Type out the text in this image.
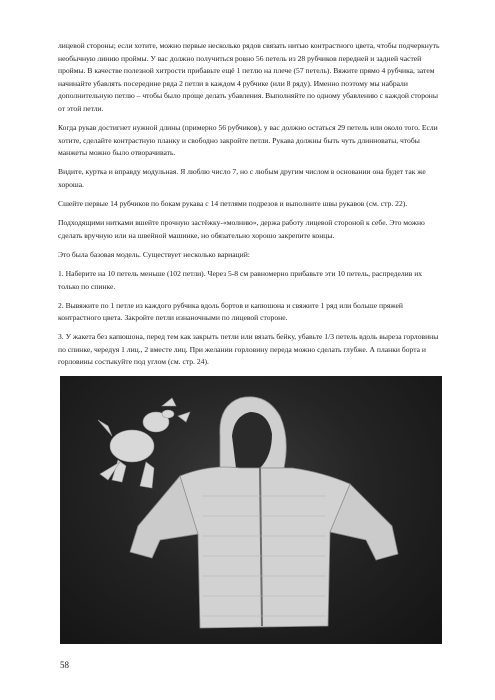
лицевой стороны; если хотите, можно первые несколько рядов связать нитью контрастного цвета, чтобы подчеркнуть необычную линию проймы. У вас должно получиться ровно 56 петель из 28 рубчиков передней и задней частей проймы. В качестве полезной хитрости прибавьте ещё 1 петлю на плече (57 петель). Вяжите прямо 4 рубчика, затем начинайте убавлять посередине ряда 2 петли в каждом 4 рубчике (или 8 ряду). Именно поэтому мы набрали дополнительную петлю – чтобы было проще делать убавления. Выполняйте по одному убавлению с каждой стороны от этой петли.

Когда рукав достигнет нужной длины (примерно 56 рубчиков), у вас должно остаться 29 петель или около того. Если хотите, сделайте контрастную планку и свободно закройте петли. Рукава должны быть чуть длинноваты, чтобы манжеты можно было отворачивать.

Видите, куртка и вправду модульная. Я люблю число 7, но с любым другим числом в основании она будет так же хороша.

Сшейте первые 14 рубчиков по бокам рукава с 14 петлями подрезов и выполните швы рукавов (см. стр. 22).

Подходящими нитками вшейте прочную застёжку-«молнию», держа работу лицевой стороной к себе. Это можно сделать вручную или на швейной машинке, но обязательно хорошо закрепите концы.

Это была базовая модель. Существует несколько вариаций:

1. Наберите на 10 петель меньше (102 петли). Через 5-8 см равномерно прибавьте эти 10 петель, распределив их только по спинке.

2. Вывяжите по 1 петле из каждого рубчика вдоль бортов и капюшона и свяжите 1 ряд или больше пряжей контрастного цвета. Закройте петли изнаночными по лицевой стороне.

3. У жакета без капюшона, перед тем как закрыть петли или вязать бейку, убавьте 1/3 петель вдоль выреза горловины по спинке, чередуя 1 лиц., 2 вместе лиц. При желании горловину переда можно сделать глубже. А планки борта и горловины состыкуйте под углом (см. стр. 24).

58
